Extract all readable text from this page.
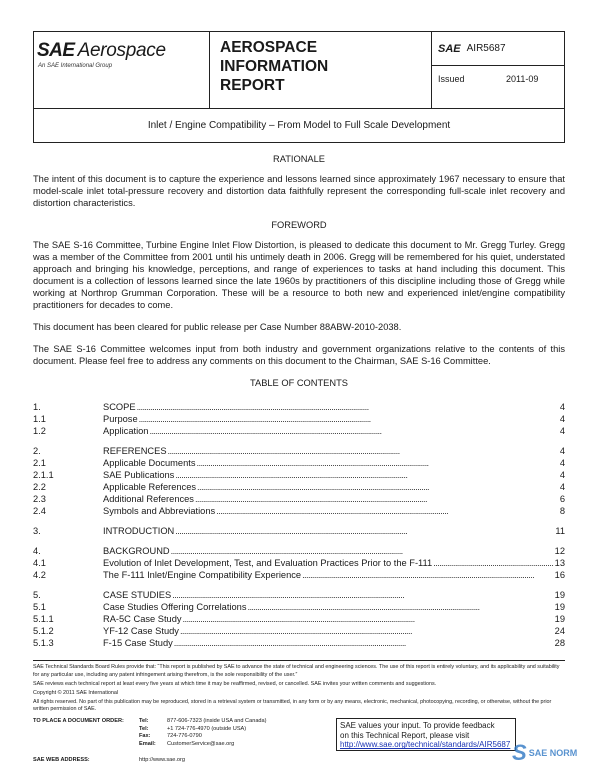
SAE Aerospace
An SAE International Group
AEROSPACE
INFORMATION
REPORT
SAE AIR5687
Issued	2011-09
Inlet / Engine Compatibility – From Model to Full Scale Development
RATIONALE

The intent of this document is to capture the experience and lessons learned since approximately 1967 necessary to ensure that model-scale inlet total-pressure recovery and distortion data faithfully represent the corresponding full-scale inlet recovery and distortion characteristics.

FOREWORD

The SAE S-16 Committee, Turbine Engine Inlet Flow Distortion, is pleased to dedicate this document to Mr. Gregg Turley. Gregg was a member of the Committee from 2001 until his untimely death in 2006. Gregg will be remembered for his quiet, understated approach and bringing his knowledge, perceptions, and range of experiences to tasks at hand including this document. This document is a collection of lessons learned since the late 1960s by practitioners of this discipline including those of Gregg while working at Northrop Grumman Corporation. These will be a resource to both new and experienced inlet/engine compatibility practitioners for decades to come.

This document has been cleared for public release per Case Number 88ABW-2010-2038.

The SAE S-16 Committee welcomes input from both industry and government organizations relative to the contents of this document. Please feel free to address any comments on this document to the Chairman, SAE S-16 Committee.

TABLE OF CONTENTS
1.	SCOPE . . .	4
1.1	Purpose . . .	4
1.2	Application . . .	4
2.	REFERENCES . . .	4
2.1	Applicable Documents . . .	4
2.1.1	SAE Publications . . .	4
2.2	Applicable References . . .	4
2.3	Additional References . . .	6
2.4	Symbols and Abbreviations . . .	8
3.	INTRODUCTION . . .	11
4.	BACKGROUND . . .	12
4.1	Evolution of Inlet Development, Test, and Evaluation Practices Prior to the F-111 . . .	13
4.2	The F-111 Inlet/Engine Compatibility Experience . . .	16
5.	CASE STUDIES . . .	19
5.1	Case Studies Offering Correlations . . .	19
5.1.1	RA-5C Case Study . . .	19
5.1.2	YF-12 Case Study . . .	24
5.1.3	F-15 Case Study . . .	28

SAE Technical Standards Board Rules provide that: “This report is published by SAE to advance the state of technical and engineering sciences. The use of this report is entirely voluntary, and its applicability and suitability for any particular use, including any patent infringement arising therefrom, is the sole responsibility of the user.”

SAE reviews each technical report at least every five years at which time it may be reaffirmed, revised, or cancelled. SAE invites your written comments and suggestions.

Copyright © 2011 SAE International

All rights reserved. No part of this publication may be reproduced, stored in a retrieval system or transmitted, in any form or by any means, electronic, mechanical, photocopying, recording, or otherwise, without the prior written permission of SAE.

TO PLACE A DOCUMENT ORDER:	Tel:	877-606-7323 (inside USA and Canada)
Tel:	+1 724-776-4970 (outside USA)
Fax:	724-776-0790
Email:	CustomerService@sae.org
SAE WEB ADDRESS:	http://www.sae.org
SAE values your input. To provide feedback
on this Technical Report, please visit
http://www.sae.org/technical/standards/AIR5687 S SAE NORM
